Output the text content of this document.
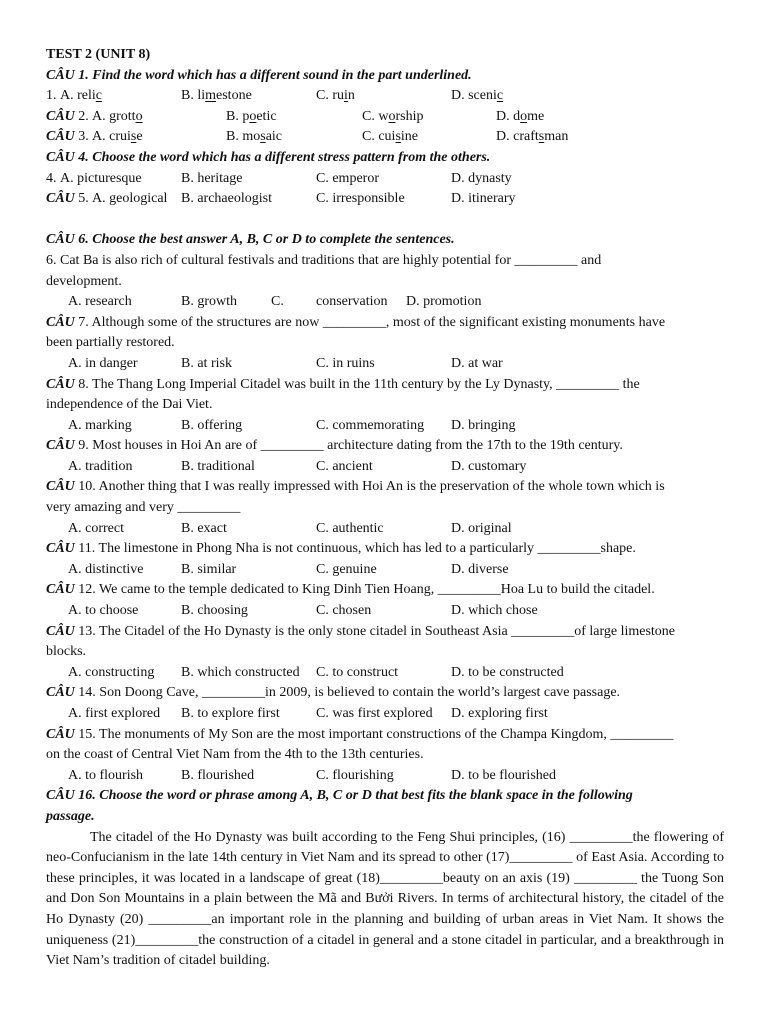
TEST 2 (UNIT 8)
CÂU 1. Find the word which has a different sound in the part underlined.
1. A. relic	B. limestone	C. ruin	D. scenic
CÂU 2. A. grotto	B. poetic	C. worship	D. dome
CÂU 3. A. cruise	B. mosaic	C. cuisine	D. craftsman
CÂU 4. Choose the word which has a different stress pattern from the others.
4. A. picturesque	B. heritage	C. emperor	D. dynasty
CÂU 5. A. geological B. archaeologist	C. irresponsible	D. itinerary
CÂU 6. Choose the best answer A, B, C or D to complete the sentences.
6. Cat Ba is also rich of cultural festivals and traditions that are highly potential for _________ and
development.
A. research	B. growth C. conservation D. promotion
CÂU 7. Although some of the structures are now _________, most of the significant existing monuments have
been partially restored.
A. in danger	B. at risk	C. in ruins	D. at war
CÂU 8. The Thang Long Imperial Citadel was built in the 11th century by the Ly Dynasty, _________ the
independence of the Dai Viet.
A. marking	B. offering	C. commemorating D. bringing
CÂU 9. Most houses in Hoi An are of _________ architecture dating from the 17th to the 19th century.
A. tradition	B. traditional	C. ancient	D. customary
CÂU 10. Another thing that I was really impressed with Hoi An is the preservation of the whole town which is
very amazing and very _________
A. correct	B. exact	C. authentic	D. original
CÂU 11. The limestone in Phong Nha is not continuous, which has led to a particularly _________shape.
A. distinctive	B. similar	C. genuine	D. diverse
CÂU 12. We came to the temple dedicated to King Dinh Tien Hoang, _________Hoa Lu to build the citadel.
A. to choose	B. choosing	C. chosen	D. which chose
CÂU 13. The Citadel of the Ho Dynasty is the only stone citadel in Southeast Asia _________of large limestone
blocks.
A. constructing B. which constructed C. to construct	D. to be constructed
CÂU 14. Son Doong Cave, _________in 2009, is believed to contain the world’s largest cave passage.
A. first explored B. to explore first	C. was first explored D. exploring first
CÂU 15. The monuments of My Son are the most important constructions of the Champa Kingdom, _________
on the coast of Central Viet Nam from the 4th to the 13th centuries.
A. to flourish	B. flourished	C. flourishing	D. to be flourished
CÂU 16. Choose the word or phrase among A, B, C or D that best fits the blank space in the following
passage.
The citadel of the Ho Dynasty was built according to the Feng Shui principles, (16) _________the flowering of neo-Confucianism in the late 14th century in Viet Nam and its spread to other (17)_________ of East Asia. According to these principles, it was located in a landscape of great (18)_________beauty on an axis (19) _________ the Tuong Son and Don Son Mountains in a plain between the Mã and Bưởi Rivers. In terms of architectural history, the citadel of the Ho Dynasty (20) _________an important role in the planning and building of urban areas in Viet Nam. It shows the uniqueness (21)_________the construction of a citadel in general and a stone citadel in particular, and a breakthrough in Viet Nam’s tradition of citadel building.
